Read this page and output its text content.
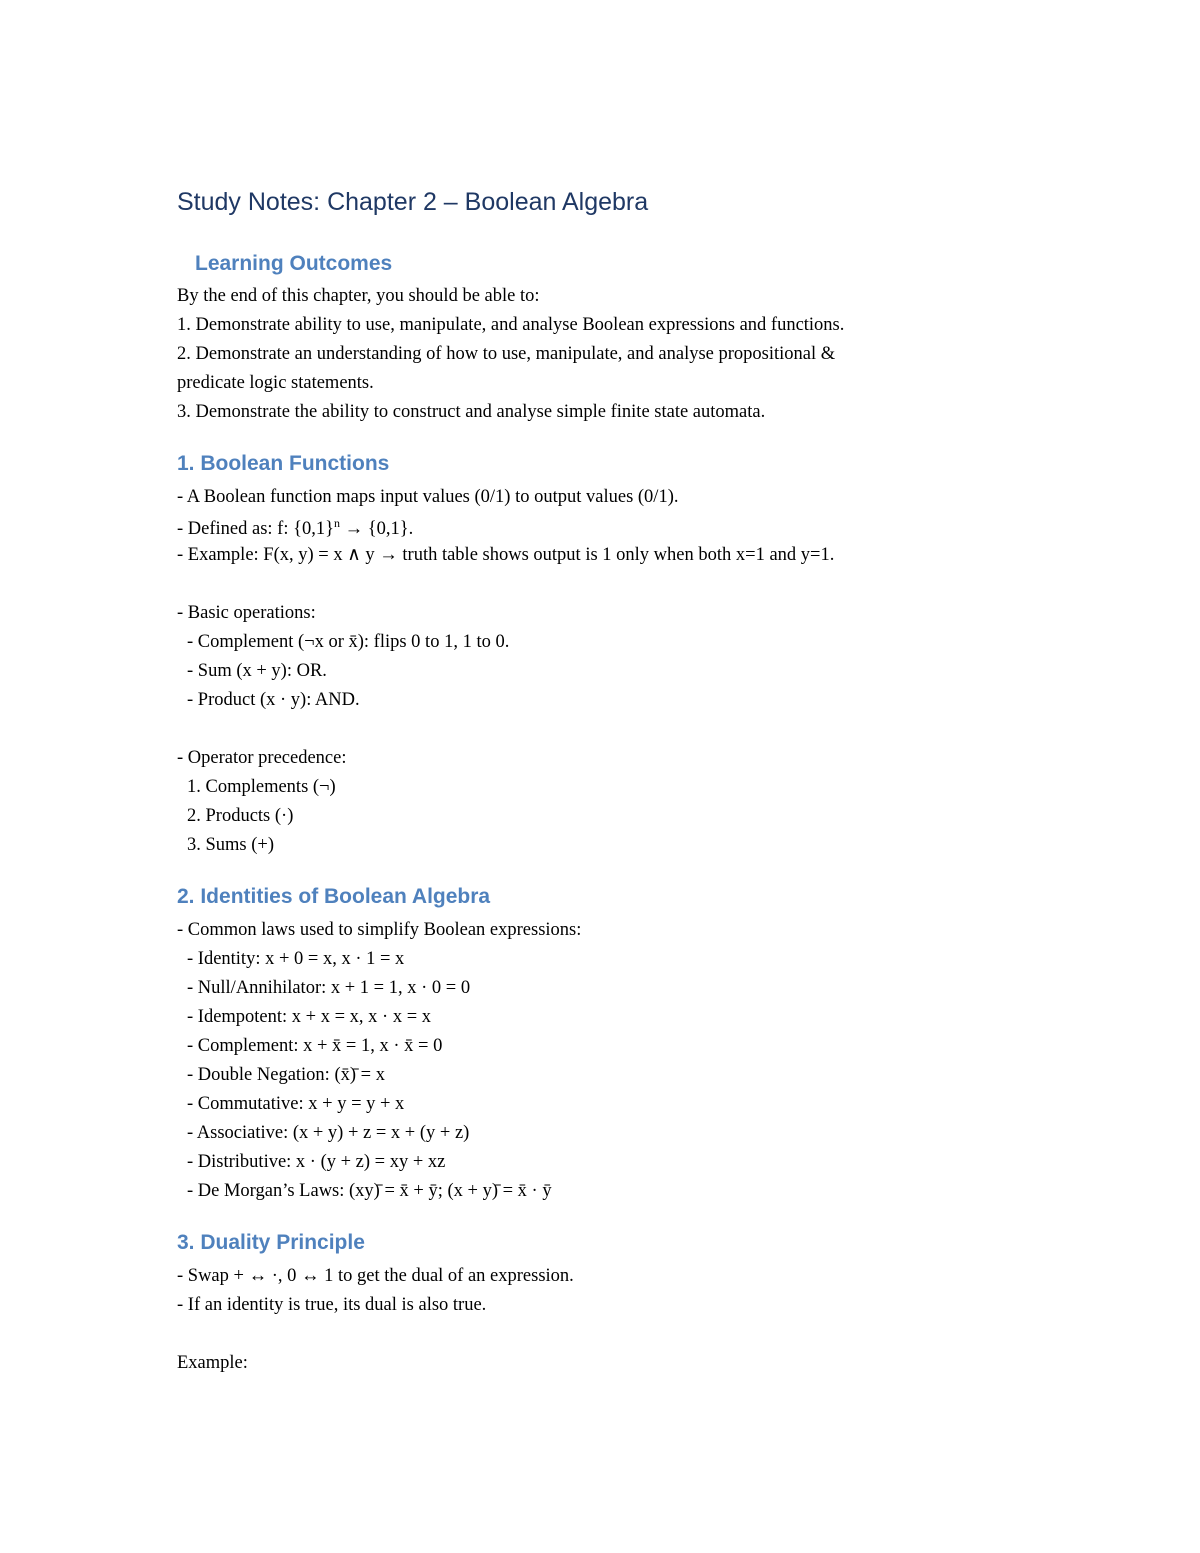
Study Notes: Chapter 2 – Boolean Algebra
Learning Outcomes

By the end of this chapter, you should be able to:

1. Demonstrate ability to use, manipulate, and analyse Boolean expressions and functions.

2. Demonstrate an understanding of how to use, manipulate, and analyse propositional &

predicate logic statements.

3. Demonstrate the ability to construct and analyse simple finite state automata.

1. Boolean Functions

- A Boolean function maps input values (0/1) to output values (0/1).

- Defined as: f: $\{0,1\}^n \to \{0,1\}$.

- Example: F(x, y) = x ∧ y → truth table shows output is 1 only when both x=1 and y=1.

- Basic operations:

- Complement (¬x or x̄): flips 0 to 1, 1 to 0.

- Sum (x + y): OR.

- Product (x · y): AND.

- Operator precedence:

1. Complements (¬)

2. Products (·)

3. Sums (+)

2. Identities of Boolean Algebra

- Common laws used to simplify Boolean expressions:

- Identity: x + 0 = x, x · 1 = x

- Null/Annihilator: x + 1 = 1, x · 0 = 0

- Idempotent: x + x = x, x · x = x

- Complement: x + x̄ = 1, x · x̄ = 0

- Double Negation: (x̄)̄ = x

- Commutative: x + y = y + x

- Associative: (x + y) + z = x + (y + z)

- Distributive: x · (y + z) = xy + xz

- De Morgan’s Laws: (xy)̄ = x̄ + ȳ; (x + y)̄ = x̄ · ȳ

3. Duality Principle

- Swap + ↔ ·, 0 ↔ 1 to get the dual of an expression.

- If an identity is true, its dual is also true.

Example:
